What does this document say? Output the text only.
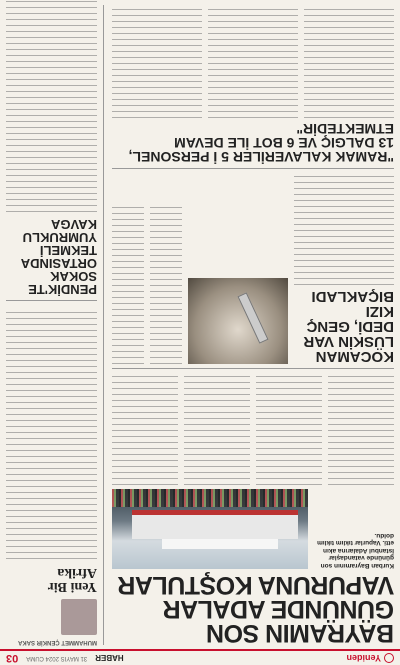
Yeniden
HABER
31 MAYIS 2024 CUMA
03
BAYRAMIN SON GÜNÜNDE ADALAR VAPURUNA KOŞTULAR
Kurban Bayramının son gününde vatandaşlar İstanbul Adalarına akın etti. Vapurlar tıklım tıklım doldu.
KOCAMAN LÜSKİN VAR DEDİ, GENÇ KIZI BIÇAKLADI
"RAMAK KALAVERİLER 5 İ PERSONEL, 13 DALGIÇ VE 6 BOT İLE DEVAM ETMEKTEDİR"
MUHAMMET ÇENKİR SAKA
Yeni Bir Afrika
PENDİK'TE SOKAK ORTASINDA TEKMELİ YUMRUKLU KAVGA
